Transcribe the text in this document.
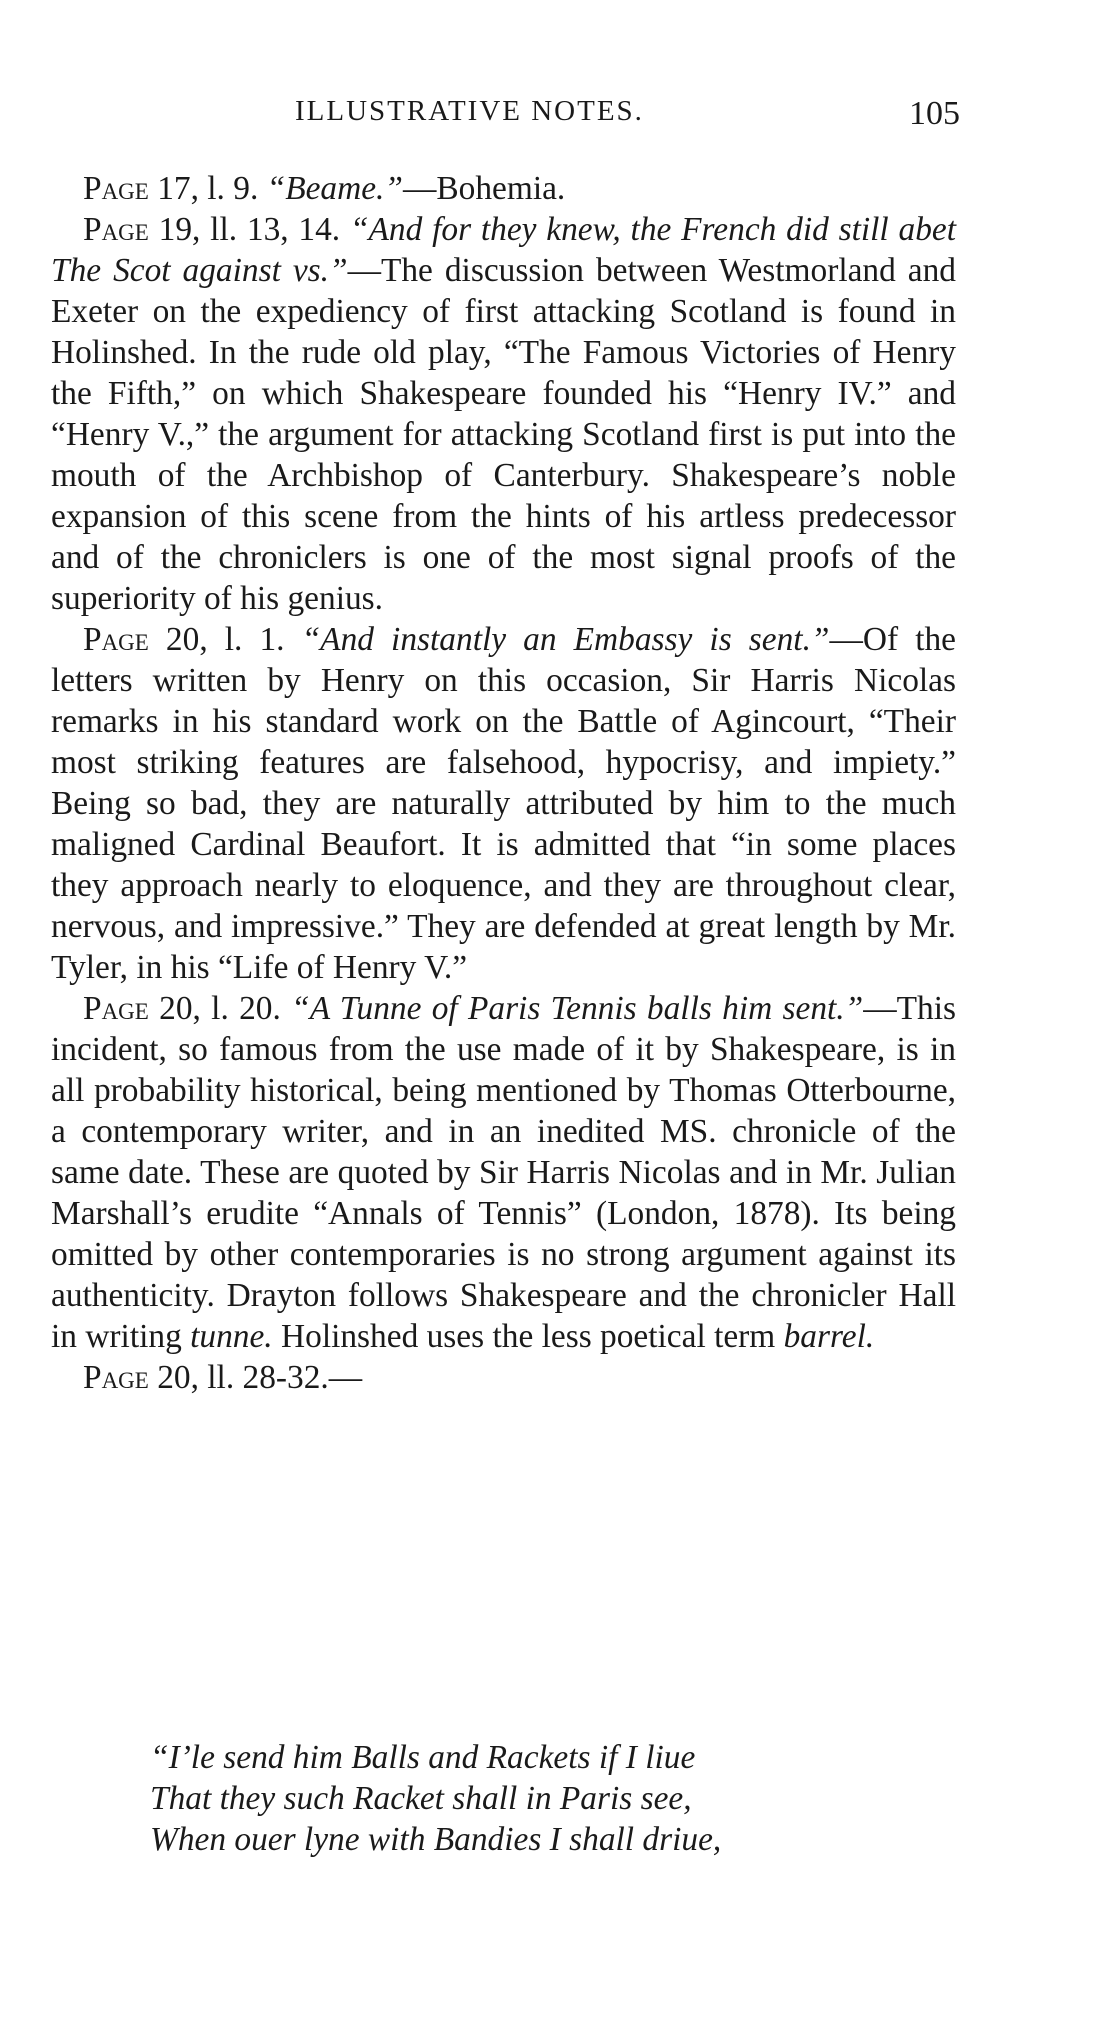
ILLUSTRATIVE NOTES.	105

Page 17, l. 9. “Beame.”—Bohemia.

Page 19, ll. 13, 14. “And for they knew, the French did still abet The Scot against vs.”—The discussion between Westmorland and Exeter on the expediency of first attacking Scotland is found in Holinshed. In the rude old play, “The Famous Victories of Henry the Fifth,” on which Shakespeare founded his “Henry IV.” and “Henry V.,” the argument for attacking Scotland first is put into the mouth of the Archbishop of Canterbury. Shakespeare’s noble expansion of this scene from the hints of his artless predecessor and of the chroniclers is one of the most signal proofs of the superiority of his genius.

Page 20, l. 1. “And instantly an Embassy is sent.”—Of the letters written by Henry on this occasion, Sir Harris Nicolas remarks in his standard work on the Battle of Agincourt, “Their most striking features are falsehood, hypocrisy, and impiety.” Being so bad, they are naturally attributed by him to the much maligned Cardinal Beaufort. It is admitted that “in some places they approach nearly to eloquence, and they are throughout clear, nervous, and impressive.” They are defended at great length by Mr. Tyler, in his “Life of Henry V.”

Page 20, l. 20. “A Tunne of Paris Tennis balls him sent.”—This incident, so famous from the use made of it by Shakespeare, is in all probability historical, being mentioned by Thomas Otterbourne, a contemporary writer, and in an inedited MS. chronicle of the same date. These are quoted by Sir Harris Nicolas and in Mr. Julian Marshall’s erudite “Annals of Tennis” (London, 1878). Its being omitted by other contemporaries is no strong argument against its authenticity. Drayton follows Shakespeare and the chronicler Hall in writing tunne. Holinshed uses the less poetical term barrel.

Page 20, ll. 28-32.—

“I’le send him Balls and Rackets if I liue
That they such Racket shall in Paris see,
When ouer lyne with Bandies I shall driue,
